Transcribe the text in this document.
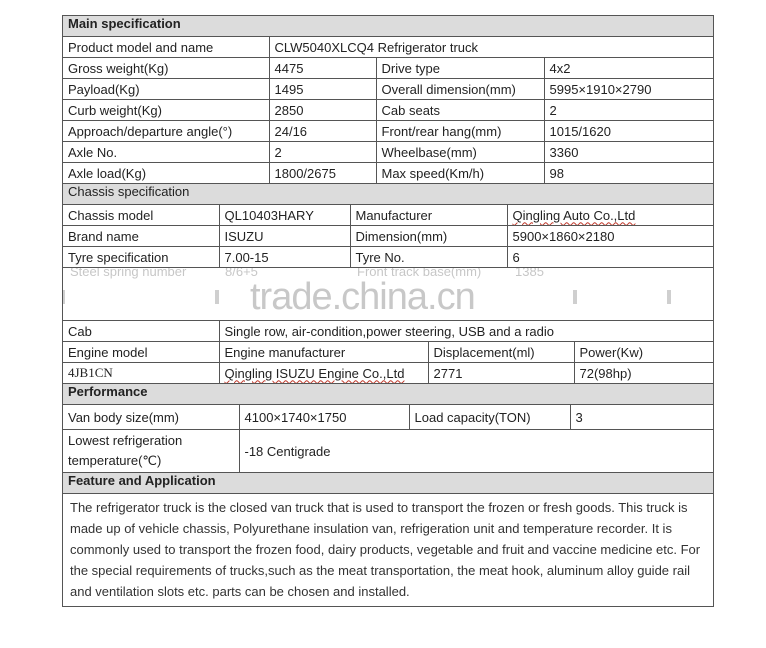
Main specification
Product model and name	CLW5040XLCQ4 Refrigerator truck		
Gross weight(Kg)	4475	Drive type	4x2
Payload(Kg)	1495	Overall dimension(mm)	5995×1910×2790
Curb weight(Kg)	2850	Cab seats	2
Approach/departure angle(°)	24/16	Front/rear hang(mm)	1015/1620
Axle No.	2	Wheelbase(mm)	3360
Axle load(Kg)	1800/2675	Max speed(Km/h)	98
Chassis specification
Chassis model	QL10403HARY	Manufacturer	Qingling Auto Co.,Ltd
Brand name	ISUZU	Dimension(mm)	5900×1860×2180
Tyre specification	7.00-15	Tyre No.	6
Steel spring number	8/6+5	Front track base(mm)	1385
trade.china.cn
Cab	Single row, air-condition,power steering, USB and a radio		
Engine model	Engine manufacturer	Displacement(ml)	Power(Kw)
4JB1CN	Qingling ISUZU Engine Co.,Ltd	2771	72(98hp)
Performance
Van body size(mm)	4100×1740×1750	Load capacity(TON)	3
Lowest refrigeration temperature(℃)	-18 Centigrade		
Feature and Application
The refrigerator truck is the closed van truck that is used to transport the frozen or fresh goods. This truck is made up of vehicle chassis, Polyurethane insulation van, refrigeration unit and temperature recorder. It is commonly used to transport the frozen food, dairy products, vegetable and fruit and vaccine medicine etc. For the special requirements of trucks,such as the meat transportation, the meat hook, aluminum alloy guide rail and ventilation slots etc. parts can be chosen and installed.
